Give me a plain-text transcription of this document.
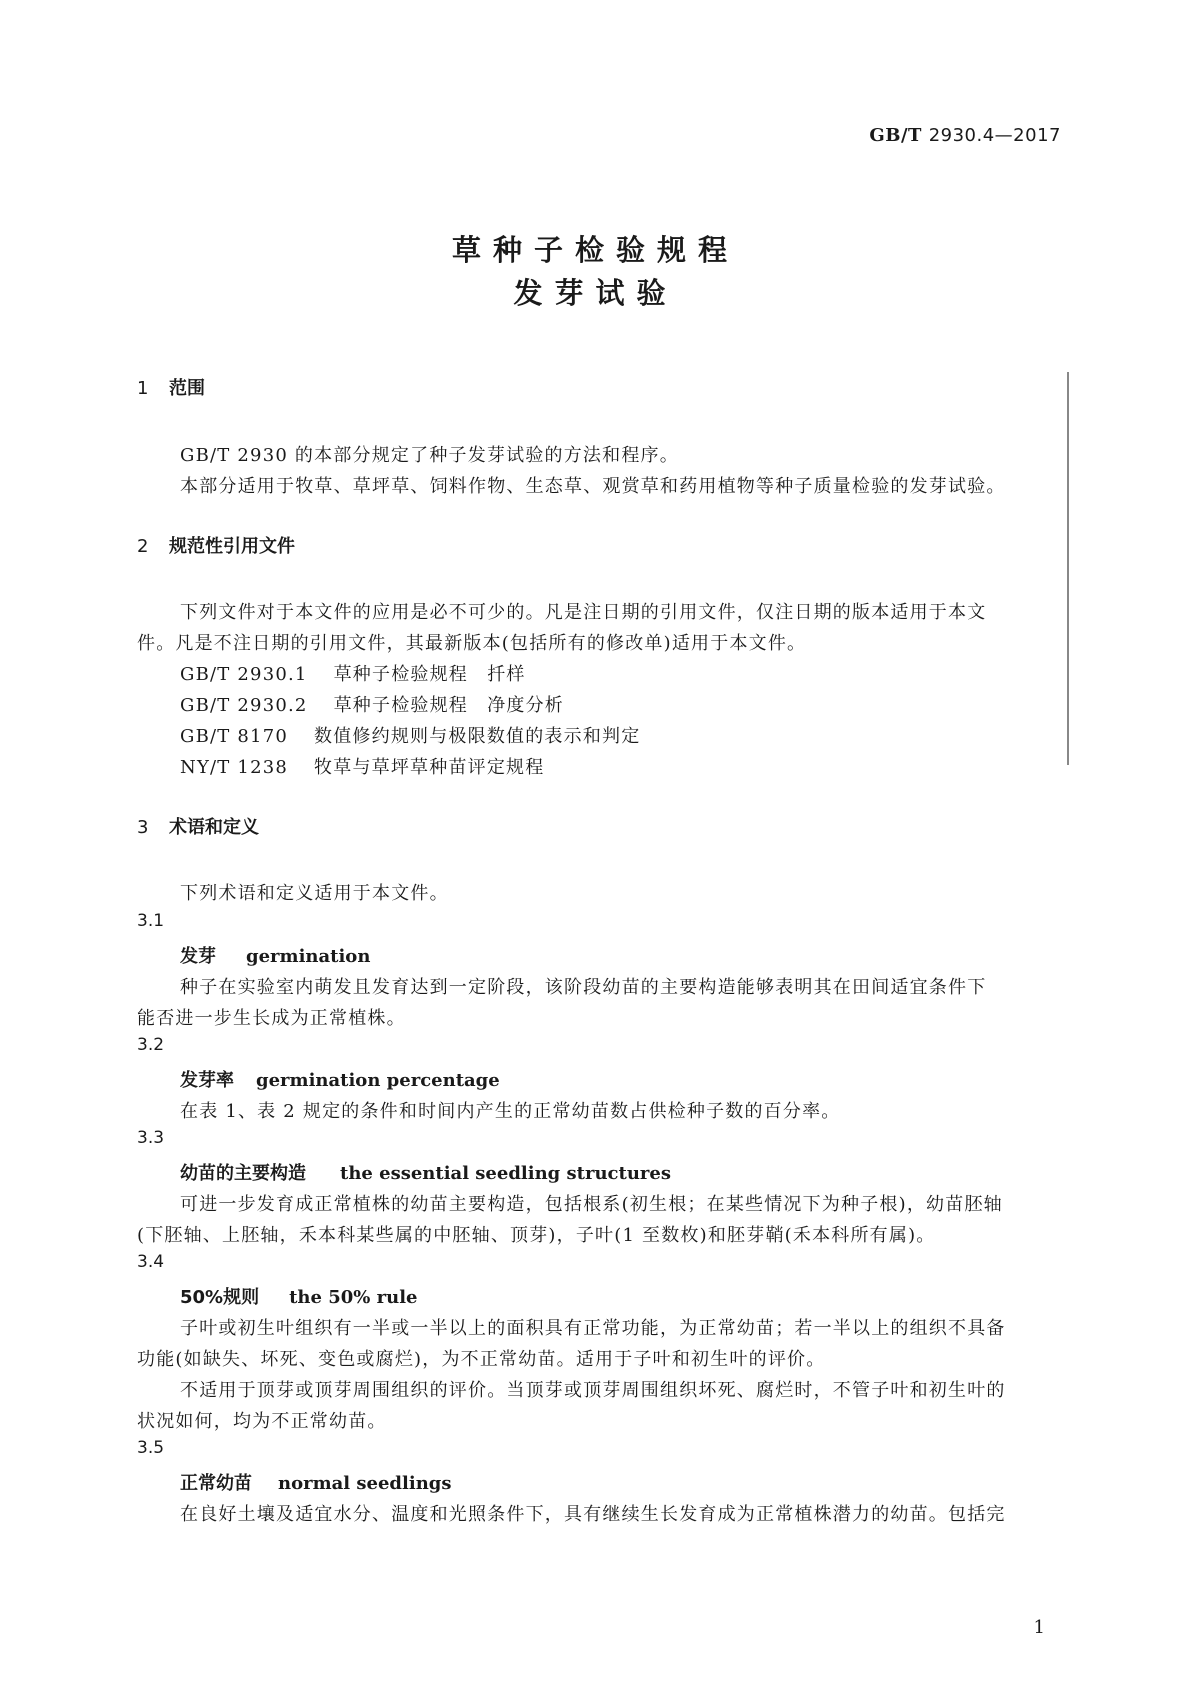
GB/T 2930.4—2017
草种子检验规程
发芽试验
1 范围
GB/T 2930 的本部分规定了种子发芽试验的方法和程序。
本部分适用于牧草、草坪草、饲料作物、生态草、观赏草和药用植物等种子质量检验的发芽试验。
2 规范性引用文件
下列文件对于本文件的应用是必不可少的。凡是注日期的引用文件，仅注日期的版本适用于本文
件。凡是不注日期的引用文件，其最新版本(包括所有的修改单)适用于本文件。
GB/T 2930.1 草种子检验规程　扦样
GB/T 2930.2 草种子检验规程　净度分析
GB/T 8170 数值修约规则与极限数值的表示和判定
NY/T 1238 牧草与草坪草种苗评定规程
3 术语和定义
下列术语和定义适用于本文件。
3.1
发芽 germination
种子在实验室内萌发且发育达到一定阶段，该阶段幼苗的主要构造能够表明其在田间适宜条件下
能否进一步生长成为正常植株。
3.2
发芽率 germination percentage
在表 1、表 2 规定的条件和时间内产生的正常幼苗数占供检种子数的百分率。
3.3
幼苗的主要构造 the essential seedling structures
可进一步发育成正常植株的幼苗主要构造，包括根系(初生根；在某些情况下为种子根)，幼苗胚轴
(下胚轴、上胚轴，禾本科某些属的中胚轴、顶芽)，子叶(1 至数枚)和胚芽鞘(禾本科所有属)。
3.4
50%规则 the 50% rule
子叶或初生叶组织有一半或一半以上的面积具有正常功能，为正常幼苗；若一半以上的组织不具备
功能(如缺失、坏死、变色或腐烂)，为不正常幼苗。适用于子叶和初生叶的评价。
不适用于顶芽或顶芽周围组织的评价。当顶芽或顶芽周围组织坏死、腐烂时，不管子叶和初生叶的
状况如何，均为不正常幼苗。
3.5
正常幼苗 normal seedlings
在良好土壤及适宜水分、温度和光照条件下，具有继续生长发育成为正常植株潜力的幼苗。包括完
1
